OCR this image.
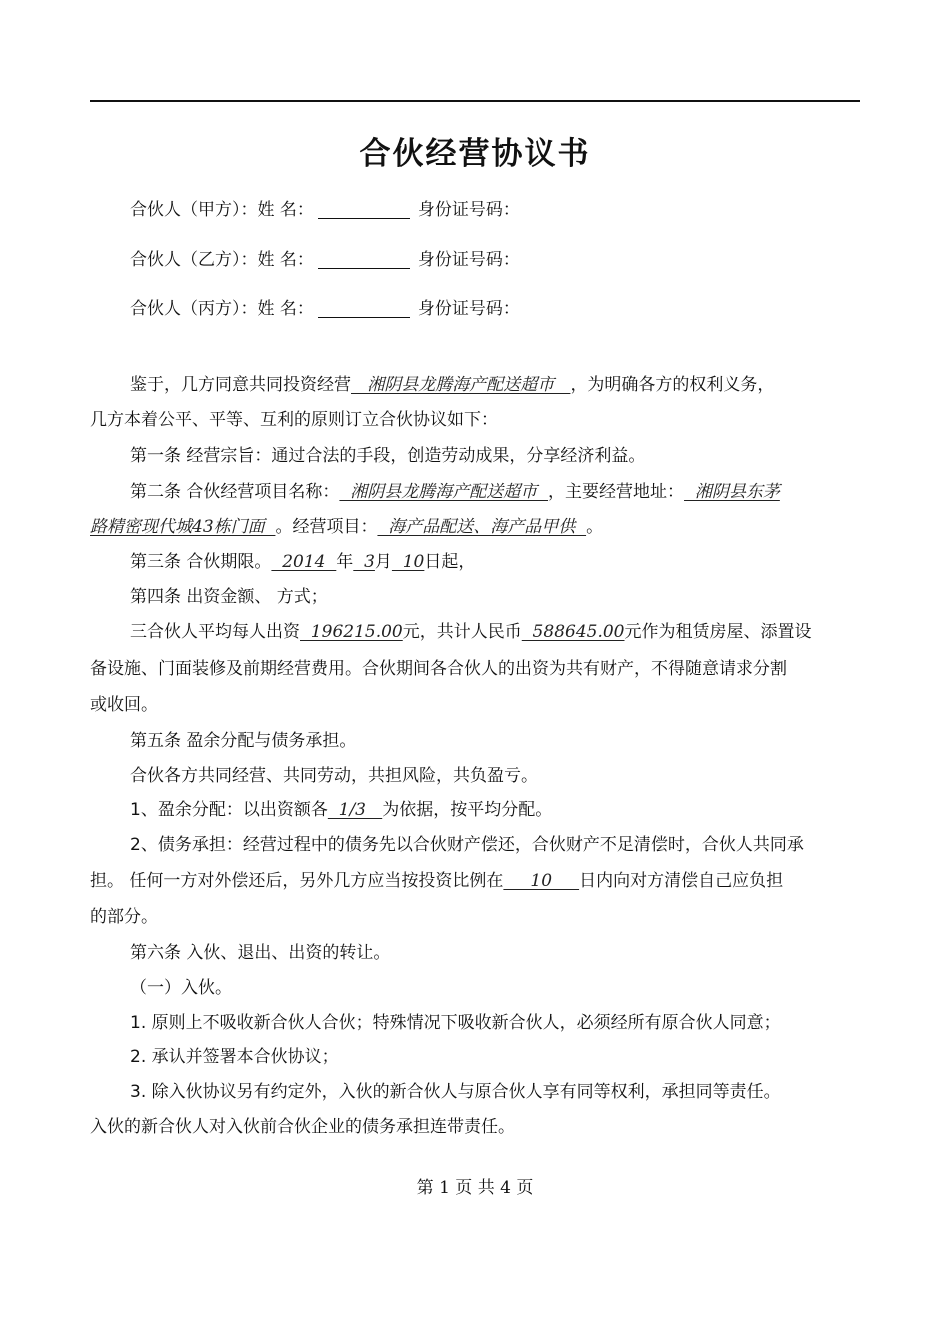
合伙经营协议书
合伙人（甲方）：姓 名：	身份证号码：
合伙人（乙方）：姓 名：	身份证号码：
合伙人（丙方）：姓 名：	身份证号码：
鉴于，几方同意共同投资经营   湘阴县龙腾海产配送超市   ，为明确各方的权利义务，
几方本着公平、平等、互利的原则订立合伙协议如下：
第一条 经营宗旨：通过合法的手段，创造劳动成果，分享经济利益。
第二条 合伙经营项目名称：  湘阴县龙腾海产配送超市  ，主要经营地址：  湘阴县东茅
路精密现代城43栋门面  。经营项目：  海产品配送、海产品甲供  。
第三条 合伙期限。  2014  年  3月  10日起，
第四条 出资金额、 方式；
三合伙人平均每人出资  196215.00元，共计人民币  588645.00元作为租赁房屋、添置设
备设施、门面装修及前期经营费用。合伙期间各合伙人的出资为共有财产，不得随意请求分割
或收回。
第五条 盈余分配与债务承担。
合伙各方共同经营、共同劳动，共担风险，共负盈亏。
1、盈余分配：以出资额各  1/3   为依据，按平均分配。
2、债务承担：经营过程中的债务先以合伙财产偿还，合伙财产不足清偿时，合伙人共同承
担。 任何一方对外偿还后，另外几方应当按投资比例在     10     日内向对方清偿自己应负担
的部分。
第六条 入伙、退出、出资的转让。
（一）入伙。
1. 原则上不吸收新合伙人合伙；特殊情况下吸收新合伙人，必须经所有原合伙人同意；
2. 承认并签署本合伙协议；
3. 除入伙协议另有约定外，入伙的新合伙人与原合伙人享有同等权利，承担同等责任。
入伙的新合伙人对入伙前合伙企业的债务承担连带责任。
第 1 页 共 4 页
